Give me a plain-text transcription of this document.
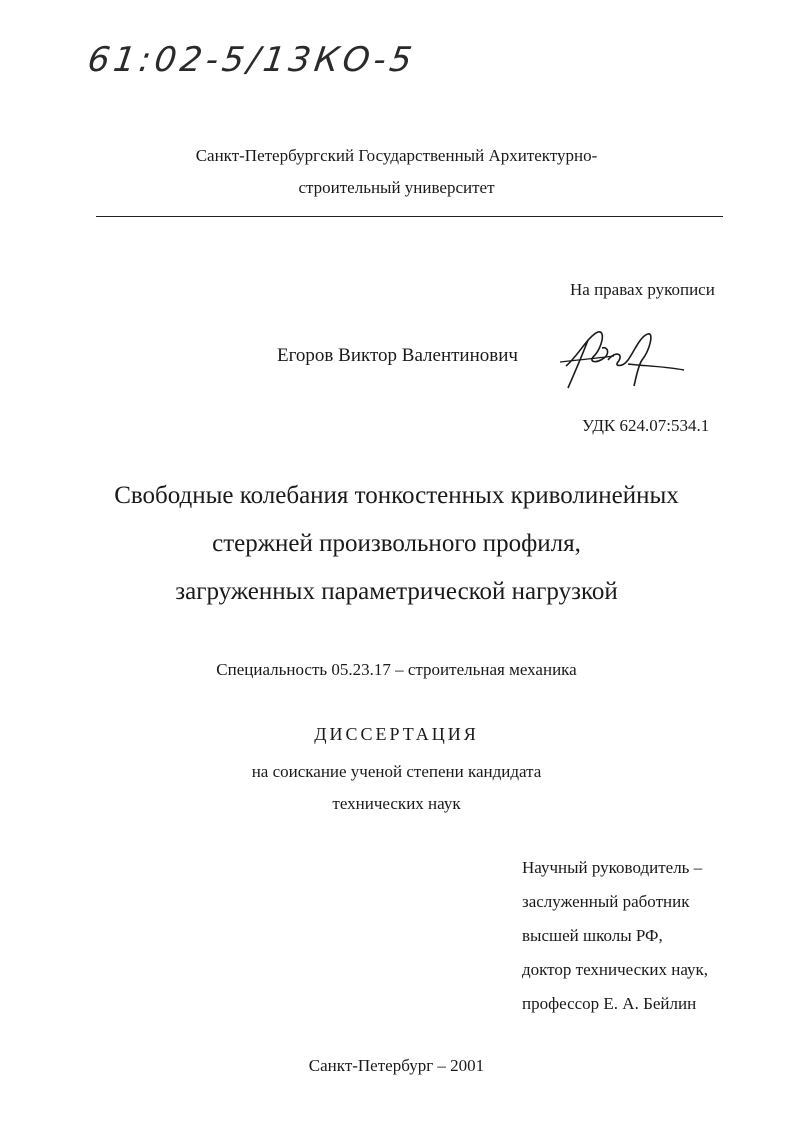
61:02-5/13КО-5
Санкт-Петербургский Государственный Архитектурно-
строительный университет
На правах рукописи
Егоров Виктор Валентинович
УДК 624.07:534.1
Свободные колебания тонкостенных криволинейных
стержней произвольного профиля,
загруженных параметрической нагрузкой
Специальность 05.23.17 – строительная механика
ДИССЕРТАЦИЯ
на соискание ученой степени кандидата
технических наук
Научный руководитель –
заслуженный работник
высшей школы РФ,
доктор технических наук,
профессор Е. А. Бейлин
Санкт-Петербург – 2001
